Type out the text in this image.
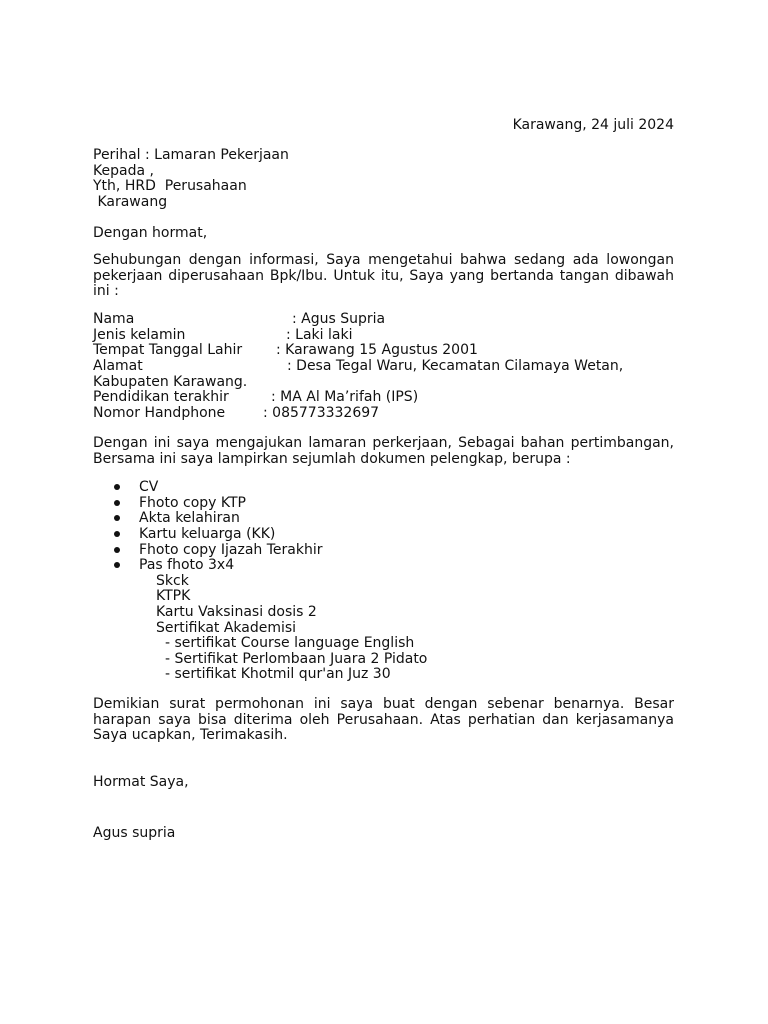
Karawang, 24 juli 2024
Perihal : Lamaran Pekerjaan
Kepada ,
Yth, HRD  Perusahaan
Karawang
Dengan hormat,
Sehubungan dengan informasi, Saya mengetahui bahwa sedang ada lowongan pekerjaan diperusahaan Bpk/Ibu. Untuk itu, Saya yang bertanda tangan dibawah ini :
Nama	: Agus Supria
Jenis kelamin	: Laki laki
Tempat Tanggal Lahir : Karawang 15 Agustus 2001
Alamat	: Desa Tegal Waru, Kecamatan Cilamaya Wetan,
Kabupaten Karawang.
Pendidikan terakhir	: MA Al Ma’rifah (IPS)
Nomor Handphone	: 085773332697
Dengan ini saya mengajukan lamaran perkerjaan, Sebagai bahan pertimbangan, Bersama ini saya lampirkan sejumlah dokumen pelengkap, berupa :
CV
Fhoto copy KTP
Akta kelahiran
Kartu keluarga (KK)
Fhoto copy Ijazah Terakhir
Pas fhoto 3x4
Skck
KTPK
Kartu Vaksinasi dosis 2
Sertifikat Akademisi
- sertifikat Course language English
- Sertifikat Perlombaan Juara 2 Pidato
- sertifikat Khotmil qur'an Juz 30
Demikian surat permohonan ini saya buat dengan sebenar benarnya. Besar harapan saya bisa diterima oleh Perusahaan. Atas perhatian dan kerjasamanya Saya ucapkan, Terimakasih.
Hormat Saya,
Agus supria
